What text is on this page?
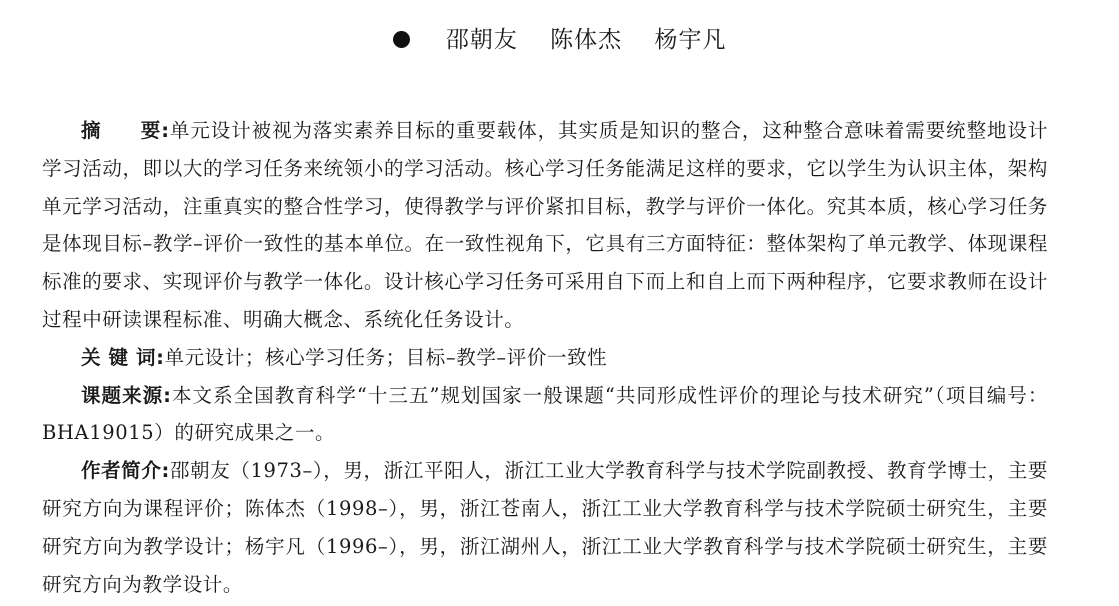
邵朝友 陈体杰 杨宇凡

摘 要:单元设计被视为落实素养目标的重要载体，其实质是知识的整合，这种整合意味着需要统整地设计学习活动，即以大的学习任务来统领小的学习活动。核心学习任务能满足这样的要求，它以学生为认识主体，架构单元学习活动，注重真实的整合性学习，使得教学与评价紧扣目标，教学与评价一体化。究其本质，核心学习任务是体现目标–教学–评价一致性的基本单位。在一致性视角下，它具有三方面特征：整体架构了单元教学、体现课程标准的要求、实现评价与教学一体化。设计核心学习任务可采用自下而上和自上而下两种程序，它要求教师在设计过程中研读课程标准、明确大概念、系统化任务设计。

关 键 词:单元设计；核心学习任务；目标–教学–评价一致性

课题来源:本文系全国教育科学“十三五”规划国家一般课题“共同形成性评价的理论与技术研究”（项目编号：BHA19015）的研究成果之一。

作者简介:邵朝友（1973–），男，浙江平阳人，浙江工业大学教育科学与技术学院副教授、教育学博士，主要研究方向为课程评价；陈体杰（1998–），男，浙江苍南人，浙江工业大学教育科学与技术学院硕士研究生，主要研究方向为教学设计；杨宇凡（1996–），男，浙江湖州人，浙江工业大学教育科学与技术学院硕士研究生，主要研究方向为教学设计。
